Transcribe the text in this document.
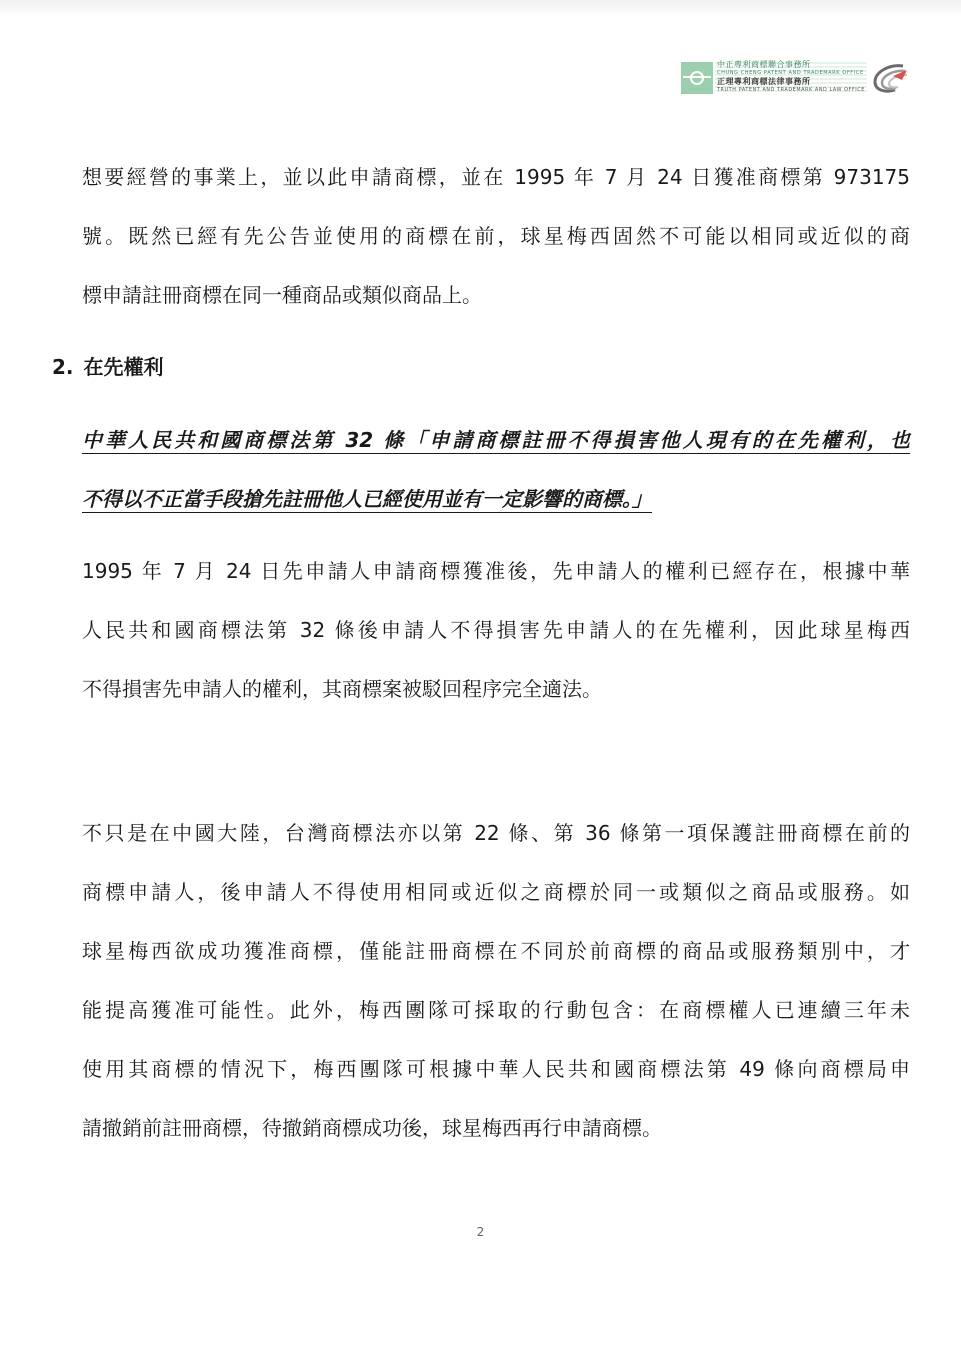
中正專利商標聯合事務所
CHUNG CHENG PATENT AND TRADEMARK OFFICE
正理專利商標法律事務所
TRUTH PATENT AND TRADEMARK AND LAW OFFICE
想要經營的事業上，並以此申請商標，並在 1995 年 7 月 24 日獲准商標第 973175
號。既然已經有先公告並使用的商標在前，球星梅西固然不可能以相同或近似的商
標申請註冊商標在同一種商品或類似商品上。
2. 在先權利
中華人民共和國商標法第 32 條「申請商標註冊不得損害他人現有的在先權利，也
不得以不正當手段搶先註冊他人已經使用並有一定影響的商標。」
1995 年 7 月 24 日先申請人申請商標獲准後，先申請人的權利已經存在，根據中華
人民共和國商標法第 32 條後申請人不得損害先申請人的在先權利，因此球星梅西
不得損害先申請人的權利，其商標案被駁回程序完全適法。
不只是在中國大陸，台灣商標法亦以第 22 條、第 36 條第一項保護註冊商標在前的
商標申請人，後申請人不得使用相同或近似之商標於同一或類似之商品或服務。如
球星梅西欲成功獲准商標，僅能註冊商標在不同於前商標的商品或服務類別中，才
能提高獲准可能性。此外，梅西團隊可採取的行動包含：在商標權人已連續三年未
使用其商標的情況下，梅西團隊可根據中華人民共和國商標法第 49 條向商標局申
請撤銷前註冊商標，待撤銷商標成功後，球星梅西再行申請商標。
2
